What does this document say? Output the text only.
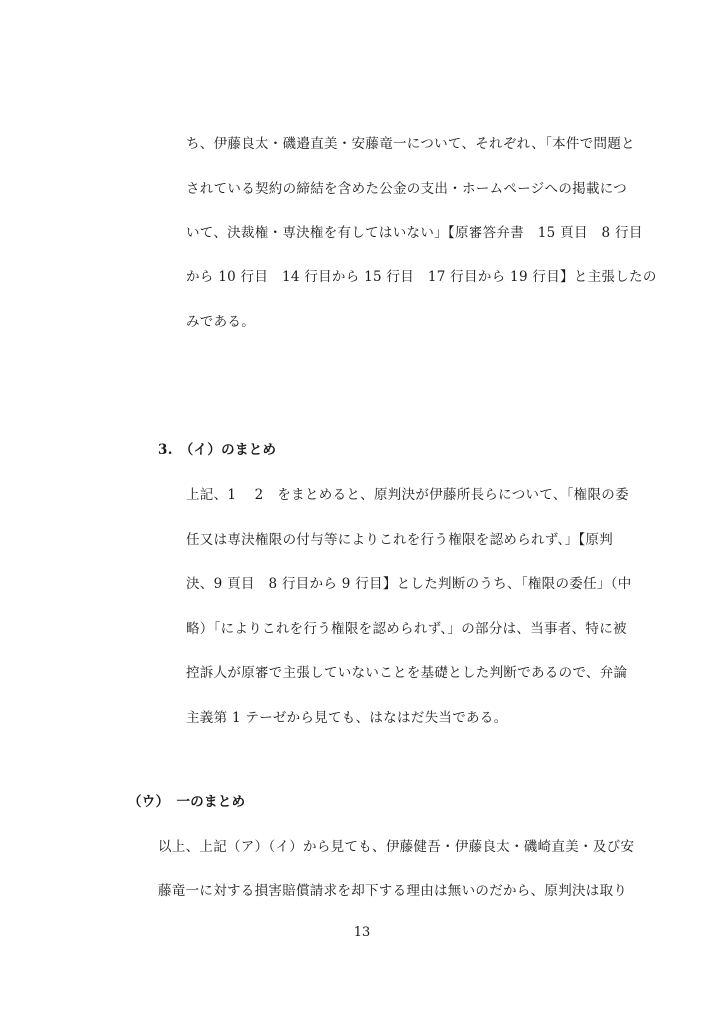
ち、伊藤良太・磯邉直美・安藤竜一について、それぞれ、「本件で問題と
されている契約の締結を含めた公金の支出・ホームページへの掲載につ
いて、決裁権・専決権を有してはいない」【原審答弁書　15 頁目　8 行目
から 10 行目　14 行目から 15 行目　17 行目から 19 行目】と主張したの
みである。
3.　（イ）のまとめ
上記、1　 2　をまとめると、原判決が伊藤所長らについて、「権限の委
任又は専決権限の付与等によりこれを行う権限を認められず、」【原判
決、9 頁目　8 行目から 9 行目】とした判断のうち、「権限の委任」（中
略）「によりこれを行う権限を認められず、」の部分は、当事者、特に被
控訴人が原審で主張していないことを基礎とした判断であるので、弁論
主義第 1 テーゼから見ても、はなはだ失当である。
（ウ）　一のまとめ
以上、上記（ア）（イ）から見ても、伊藤健吾・伊藤良太・磯崎直美・及び安
藤竜一に対する損害賠償請求を却下する理由は無いのだから、原判決は取り
13
